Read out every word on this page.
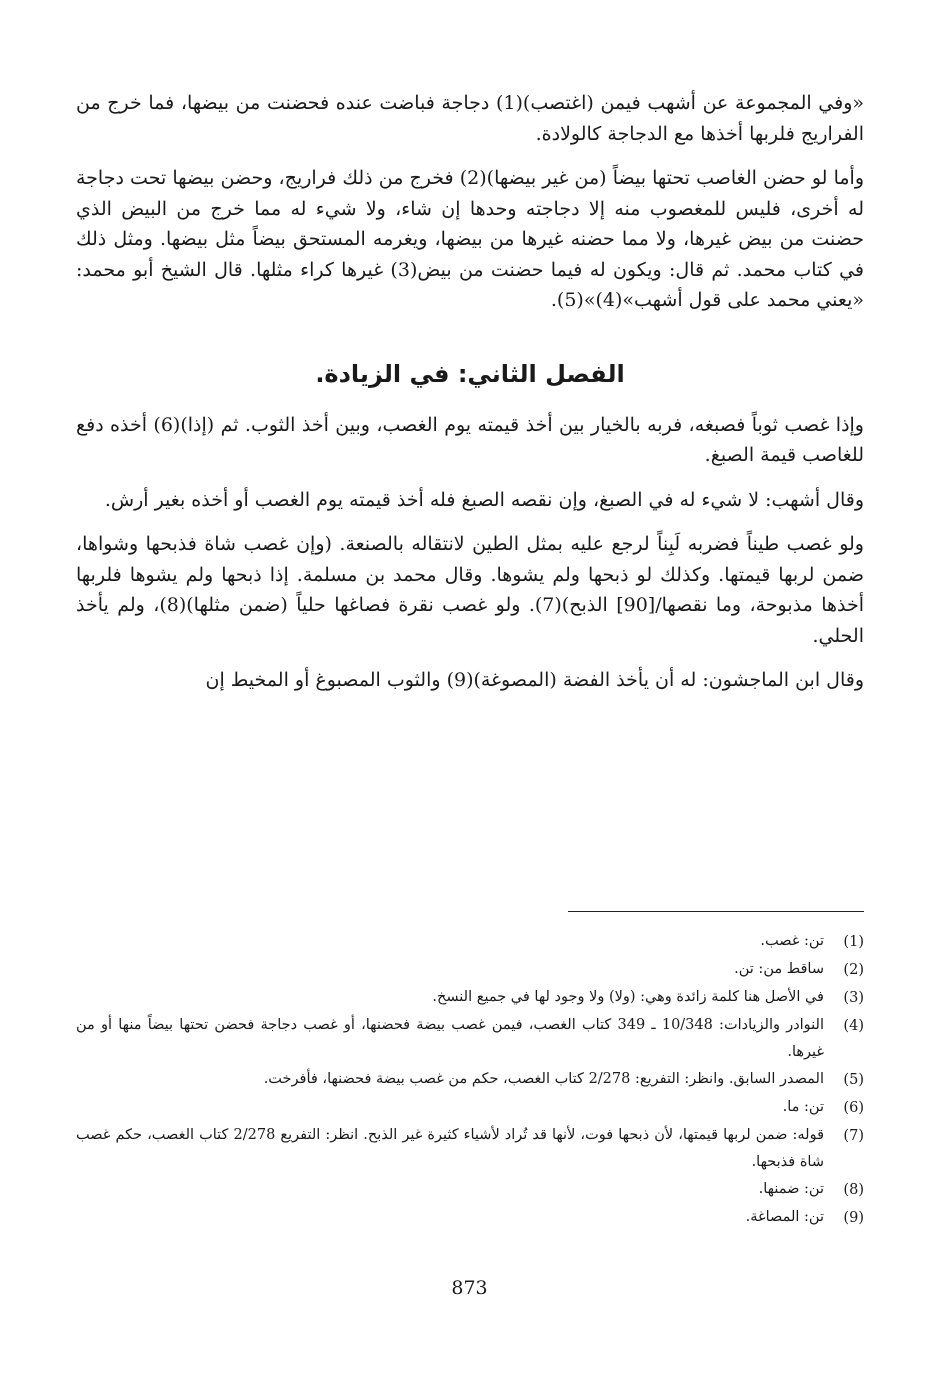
«وفي المجموعة عن أشهب فيمن (اغتصب)(1) دجاجة فباضت عنده فحضنت من بيضها، فما خرج من الفراريج فلربها أخذها مع الدجاجة كالولادة.

وأما لو حضن الغاصب تحتها بيضاً (من غير بيضها)(2) فخرج من ذلك فراريج، وحضن بيضها تحت دجاجة له أخرى، فليس للمغصوب منه إلا دجاجته وحدها إن شاء، ولا شيء له مما خرج من البيض الذي حضنت من بيض غيرها، ولا مما حضنه غيرها من بيضها، ويغرمه المستحق بيضاً مثل بيضها. ومثل ذلك في كتاب محمد. ثم قال: ويكون له فيما حضنت من بيض(3) غيرها كراء مثلها. قال الشيخ أبو محمد: «يعني محمد على قول أشهب»(4)»(5).

الفصل الثاني: في الزيادة.

وإذا غصب ثوباً فصبغه، فربه بالخيار بين أخذ قيمته يوم الغصب، وبين أخذ الثوب. ثم (إذا)(6) أخذه دفع للغاصب قيمة الصبغ.

وقال أشهب: لا شيء له في الصبغ، وإن نقصه الصبغ فله أخذ قيمته يوم الغصب أو أخذه بغير أرش.

ولو غصب طيناً فضربه لَبِناً لرجع عليه بمثل الطين لانتقاله بالصنعة. (وإن غصب شاة فذبحها وشواها، ضمن لربها قيمتها. وكذلك لو ذبحها ولم يشوها. وقال محمد بن مسلمة. إذا ذبحها ولم يشوها فلربها أخذها مذبوحة، وما نقصها/[90] الذبح)(7). ولو غصب نقرة فصاغها حلياً (ضمن مثلها)(8)، ولم يأخذ الحلي.

وقال ابن الماجشون: له أن يأخذ الفضة (المصوغة)(9) والثوب المصبوغ أو المخيط إن

(1)
تن: غصب.
(2)
ساقط من: تن.
(3)
في الأصل هنا كلمة زائدة وهي: (ولا) ولا وجود لها في جميع النسخ.
(4)
النوادر والزيادات: 10/348 ـ 349 كتاب الغصب، فيمن غصب بيضة فحضنها، أو غصب دجاجة فحضن تحتها بيضاً منها أو من غيرها.
(5)
المصدر السابق. وانظر: التفريع: 2/278 كتاب الغصب، حكم من غصب بيضة فحضنها، فأفرخت.
(6)
تن: ما.
(7)
قوله: ضمن لربها قيمتها، لأن ذبحها فوت، لأنها قد تُراد لأشياء كثيرة غير الذبح. انظر: التفريع 2/278 كتاب الغصب، حكم غصب شاة فذبحها.
(8)
تن: ضمنها.
(9)
تن: المصاغة.
873
